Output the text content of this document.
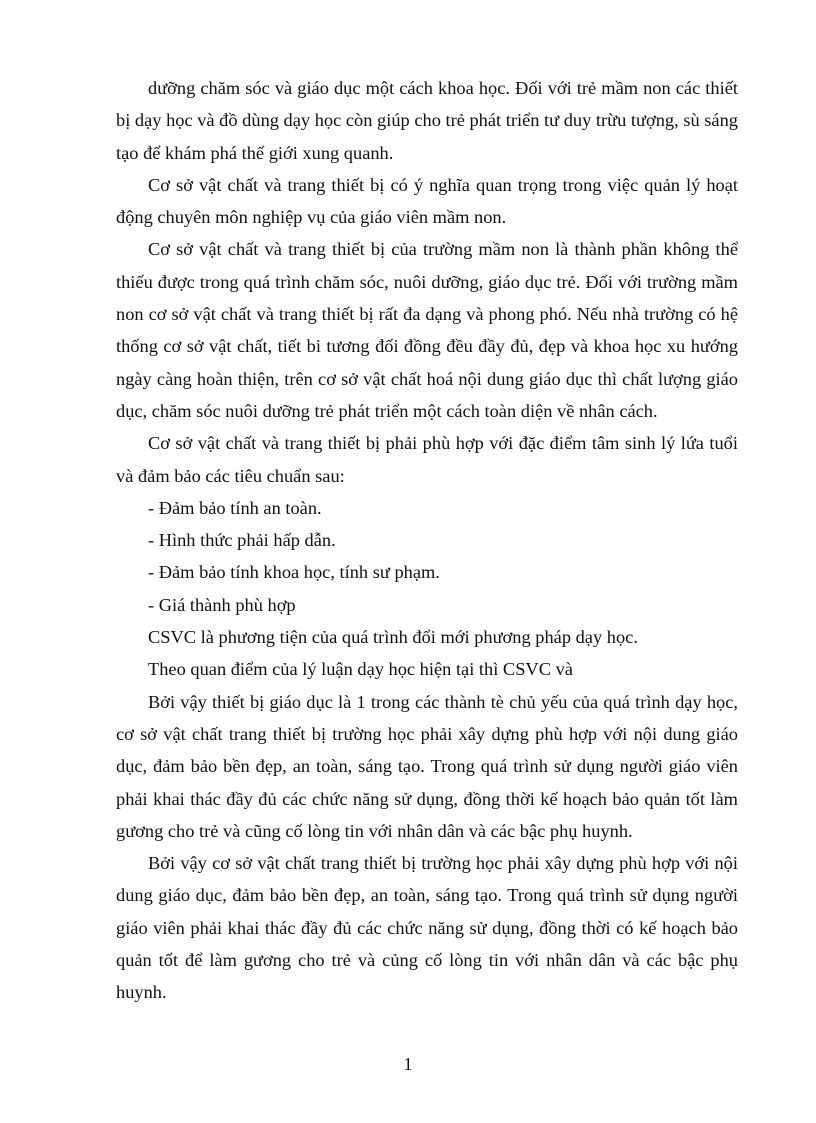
dưỡng chăm sóc và giáo dục một cách khoa học. Đối với trẻ mầm non các thiết bị dạy học và đồ dùng dạy học còn giúp cho trẻ phát triển tư duy trừu tượng, sù sáng tạo để khám phá thế giới xung quanh.

Cơ sở vật chất và trang thiết bị có ý nghĩa quan trọng trong việc quản lý hoạt động chuyên môn nghiệp vụ của giáo viên mầm non.

Cơ sở vật chất và trang thiết bị của trường mầm non là thành phần không thể thiếu được trong quá trình chăm sóc, nuôi dưỡng, giáo dục trẻ. Đối với trường mầm non cơ sở vật chất và trang thiết bị rất đa dạng và phong phó. Nếu nhà trường có hệ thống cơ sở vật chất, tiết bi tương đối đồng đều đầy đủ, đẹp và khoa học xu hướng ngày càng hoàn thiện, trên cơ sở vật chất hoá nội dung giáo dục thì chất lượng giáo dục, chăm sóc nuôi dưỡng trẻ phát triển một cách toàn diện về nhân cách.

Cơ sở vật chất và trang thiết bị phải phù hợp với đặc điểm tâm sinh lý lứa tuổi và đảm bảo các tiêu chuẩn sau:

- Đảm bảo tính an toàn.

- Hình thức phải hấp dẫn.

- Đảm bảo tính khoa học, tính sư phạm.

- Giá thành phù hợp

CSVC là phương tiện của quá trình đổi mới phương pháp dạy học.

Theo quan điểm của lý luận dạy học hiện tại thì CSVC và

Bởi vậy thiết bị giáo dục là 1 trong các thành tè chủ yếu của quá trình dạy học, cơ sở vật chất trang thiết bị trường học phải xây dựng phù hợp với nội dung giáo dục, đảm bảo bền đẹp, an toàn, sáng tạo. Trong quá trình sử dụng người giáo viên phải khai thác đầy đủ các chức năng sử dụng, đồng thời kế hoạch bảo quản tốt làm gương cho trẻ và cũng cố lòng tin với nhân dân và các bậc phụ huynh.

Bởi vậy cơ sở vật chất trang thiết bị trường học phải xây dựng phù hợp với nội dung giáo dục, đảm bảo bền đẹp, an toàn, sáng tạo. Trong quá trình sử dụng người giáo viên phải khai thác đầy đủ các chức năng sử dụng, đồng thời có kế hoạch bảo quản tốt để làm gương cho trẻ và củng cố lòng tin với nhân dân và các bậc phụ huynh.

1
